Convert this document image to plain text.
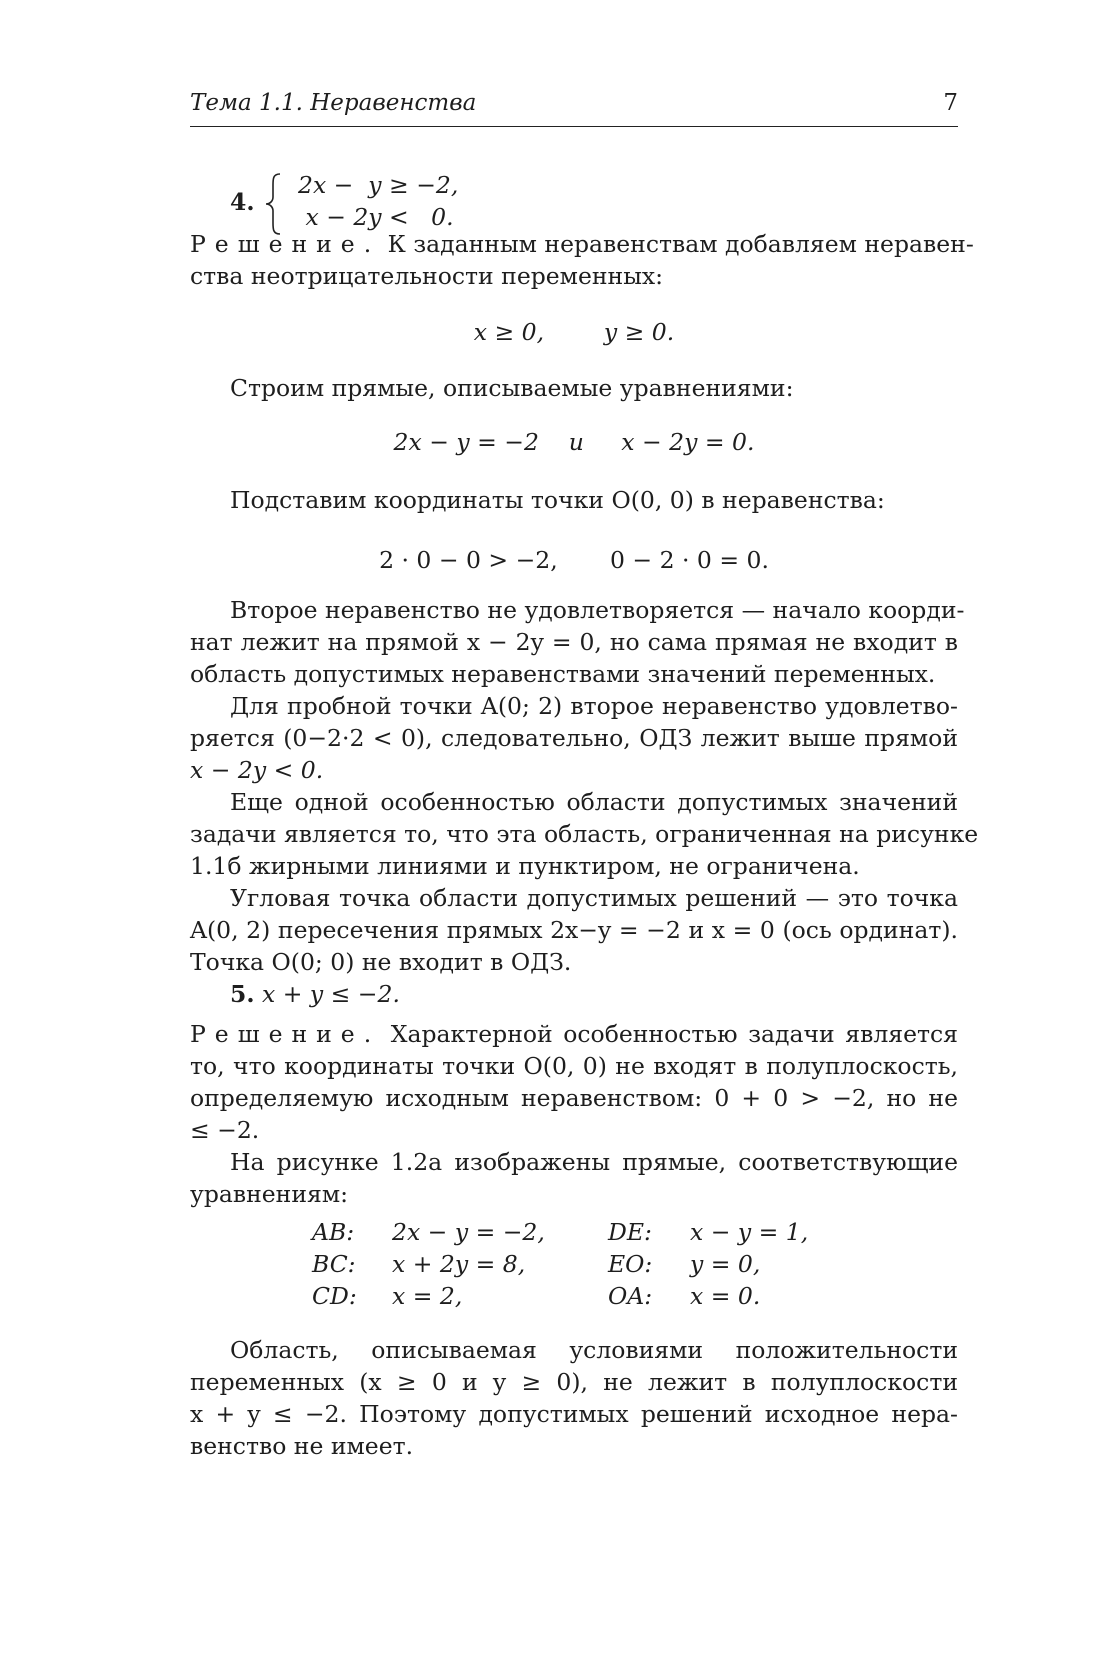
Тема 1.1. Неравенства	7
4.
2x −  y ≥ −2,
x − 2y <   0.
Решение. К заданным неравенствам добавляем неравен-
ства неотрицательности переменных:
x ≥ 0,        y ≥ 0.
Строим прямые, описываемые уравнениями:
2x − y = −2    и     x − 2y = 0.
Подставим координаты точки O(0, 0) в неравенства:
2 · 0 − 0 > −2,       0 − 2 · 0 = 0.
Второе неравенство не удовлетворяется — начало коорди-
нат лежит на прямой x − 2y = 0, но сама прямая не входит в
область допустимых неравенствами значений переменных.
Для пробной точки A(0; 2) второе неравенство удовлетво-
ряется (0−2·2 < 0), следовательно, ОДЗ лежит выше прямой
x − 2y < 0.
Еще одной особенностью области допустимых значений
задачи является то, что эта область, ограниченная на рисунке
1.1б жирными линиями и пунктиром, не ограничена.
Угловая точка области допустимых решений — это точка
A(0, 2) пересечения прямых 2x−y = −2 и x = 0 (ось ординат).
Точка O(0; 0) не входит в ОДЗ.
5. x + y ≤ −2.
Решение. Характерной особенностью задачи является
то, что координаты точки O(0, 0) не входят в полуплоскость,
определяемую исходным неравенством: 0 + 0 > −2, но не
≤ −2.
На рисунке 1.2a изображены прямые, соответствующие
уравнениям:
AB: 2x − y = −2,
BC: x + 2y = 8,
CD: x = 2,
DE: x − y = 1,
EO: y = 0,
OA: x = 0.
Область, описываемая условиями положительности
переменных (x ≥ 0 и y ≥ 0), не лежит в полуплоскости
x + y ≤ −2. Поэтому допустимых решений исходное нера-
венство не имеет.
